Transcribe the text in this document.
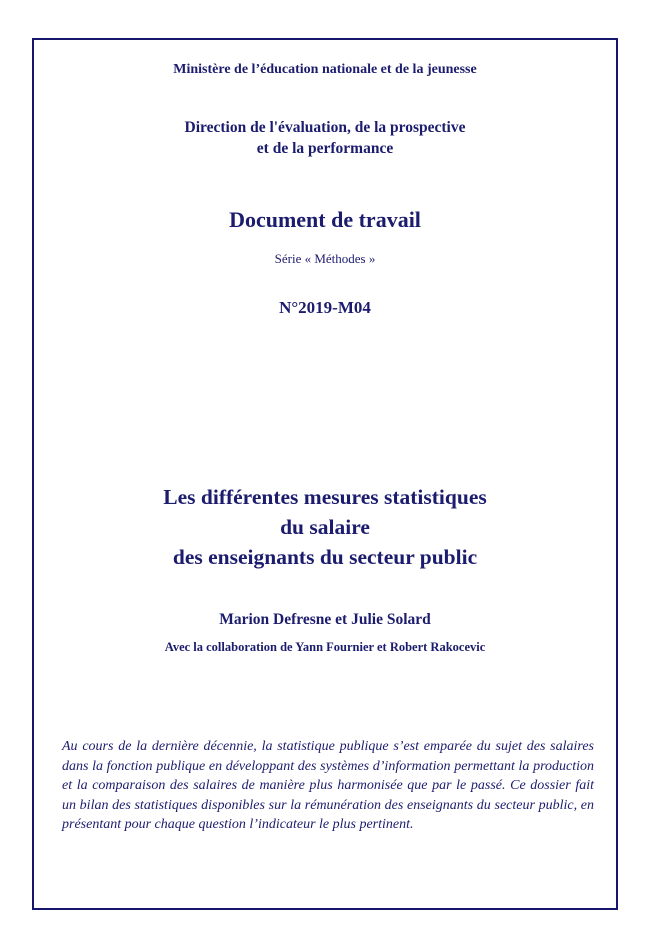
Ministère de l’éducation nationale et de la jeunesse
Direction de l'évaluation, de la prospective
et de la performance
Document de travail
Série « Méthodes »
N°2019-M04
Les différentes mesures statistiques
du salaire
des enseignants du secteur public
Marion Defresne et Julie Solard
Avec la collaboration de Yann Fournier et Robert Rakocevic
Au cours de la dernière décennie, la statistique publique s’est emparée du sujet des salaires dans la fonction publique en développant des systèmes d’information permettant la production et la comparaison des salaires de manière plus harmonisée que par le passé. Ce dossier fait un bilan des statistiques disponibles sur la rémunération des enseignants du secteur public, en présentant pour chaque question l’indicateur le plus pertinent.
